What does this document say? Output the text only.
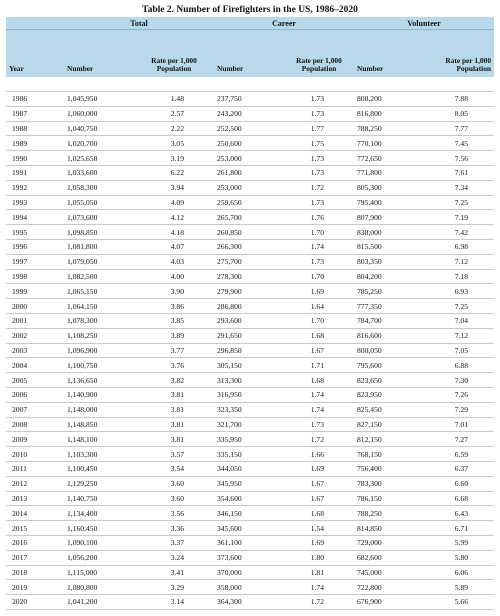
Table 2. Number of Firefighters in the US, 1986–2020
	Total		Career		Volunteer	
Year	Number	Rate per 1,000 Population	Number	Rate per 1,000 Population	Number	Rate per 1,000 Population

1986	1,045,950	1.48	237,750	1.73	808,200	7.88
1987	1,060,000	2.57	243,200	1.73	816,800	8.05
1988	1,040,750	2.22	252,500	1.77	788,250	7.77
1989	1,020,700	3.05	250,600	1.75	770,100	7.45
1990	1,025,650	3.19	253,000	1.73	772,650	7.56
1991	1,033,600	6.22	261,800	1.73	771,800	7.61
1992	1,058,300	3.94	253,000	1.72	805,300	7.34
1993	1,055,050	4.09	259,650	1.73	795,400	7.25
1994	1,073,600	4.12	265,700	1.76	807,900	7.19
1995	1,098,850	4.18	260,850	1.70	838,000	7.42
1996	1,081,800	4.07	266,300	1.74	815,500	6.98
1997	1,079,050	4.03	275,700	1.73	803,350	7.12
1998	1,082,500	4.00	278,300	1.70	804,200	7.18
1999	1,065,150	3.90	279,900	1.69	785,250	6.93
2000	1,064,150	3.86	286,800	1.64	777,350	7.25
2001	1,078,300	3.85	293,600	1.70	784,700	7.04
2002	1,108,250	3.89	291,650	1.68	816,600	7.12
2003	1,096,900	3.77	296,850	1.67	800,050	7.05
2004	1,100,750	3.76	305,150	1.71	795,600	6.88
2005	1,136,650	3.82	313,300	1.68	823,650	7.30
2006	1,140,900	3.81	316,950	1.74	823,950	7.26
2007	1,148,000	3.81	323,350	1.74	825,450	7.29
2008	1,148,850	3.81	321,700	1.73	827,150	7.01
2009	1,148,100	3.81	335,950	1.72	812,150	7.27
2010	1,103,300	3.57	335,150	1.66	768,150	6.59
2011	1,100,450	3.54	344,050	1.69	756,400	6.37
2012	1,129,250	3.60	345,950	1.67	783,300	6.60
2013	1,140,750	3.60	354,600	1.67	786,150	6.68
2014	1,134,400	3.56	346,150	1.68	788,250	6.43
2015	1,160,450	3.36	345,600	1.54	814,850	6.71
2016	1,090,100	3.37	361,100	1.69	729,000	5.99
2017	1,056,200	3.24	373,600	1.80	682,600	5.80
2018	1,115,000	3.41	370,000	1.81	745,000	6.06
2019	1,080,800	3.29	358,000	1.74	722,800	5.89
2020	1,041,200	3.14	364,300	1.72	676,900	5.66
